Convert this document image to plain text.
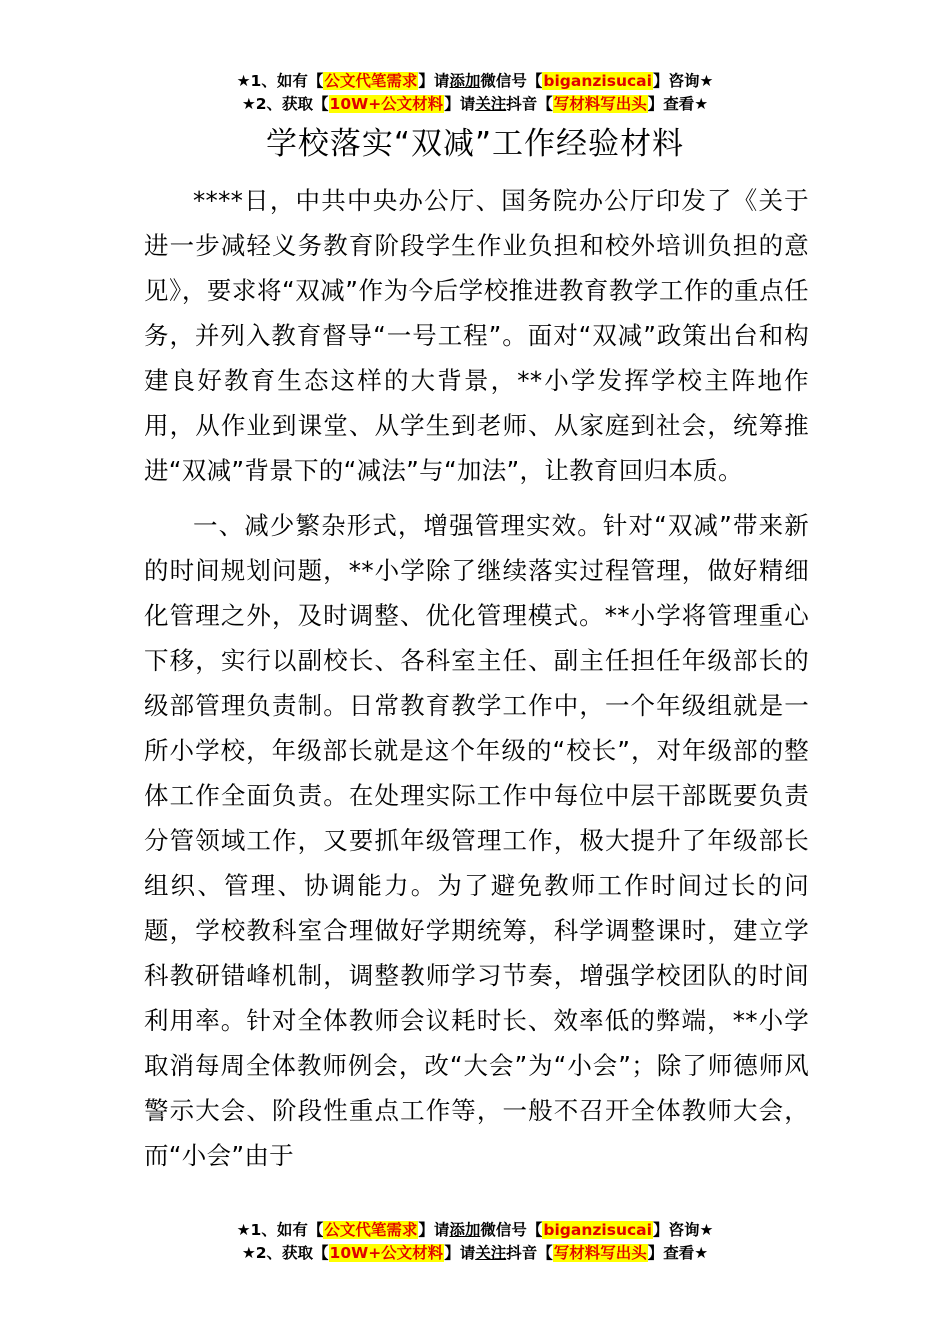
★1、如有【公文代笔需求】请添加微信号【biganzisucai】咨询★
★2、获取【10W+公文材料】请关注抖音【写材料写出头】查看★
学校落实“双减”工作经验材料

****日，中共中央办公厅、国务院办公厅印发了《关于进一步减轻义务教育阶段学生作业负担和校外培训负担的意见》，要求将“双减”作为今后学校推进教育教学工作的重点任务，并列入教育督导“一号工程”。面对“双减”政策出台和构建良好教育生态这样的大背景，**小学发挥学校主阵地作用，从作业到课堂、从学生到老师、从家庭到社会，统筹推进“双减”背景下的“减法”与“加法”，让教育回归本质。

一、减少繁杂形式，增强管理实效。针对“双减”带来新的时间规划问题，**小学除了继续落实过程管理，做好精细化管理之外，及时调整、优化管理模式。**小学将管理重心下移，实行以副校长、各科室主任、副主任担任年级部长的级部管理负责制。日常教育教学工作中，一个年级组就是一所小学校，年级部长就是这个年级的“校长”，对年级部的整体工作全面负责。在处理实际工作中每位中层干部既要负责分管领域工作，又要抓年级管理工作，极大提升了年级部长组织、管理、协调能力。为了避免教师工作时间过长的问题，学校教科室合理做好学期统筹，科学调整课时，建立学科教研错峰机制，调整教师学习节奏，增强学校团队的时间利用率。针对全体教师会议耗时长、效率低的弊端，**小学取消每周全体教师例会，改“大会”为“小会”；除了师德师风警示大会、阶段性重点工作等，一般不召开全体教师大会，而“小会”由于

★1、如有【公文代笔需求】请添加微信号【biganzisucai】咨询★
★2、获取【10W+公文材料】请关注抖音【写材料写出头】查看★
